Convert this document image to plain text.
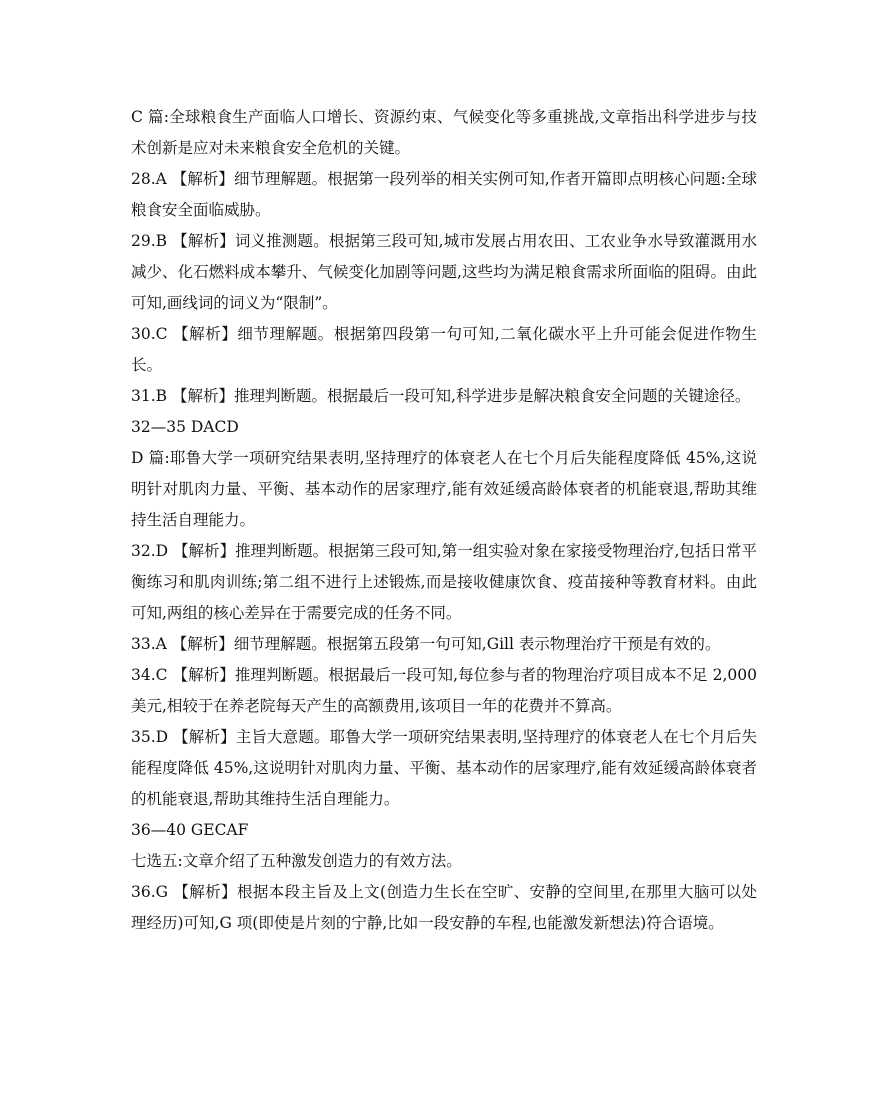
C 篇:全球粮食生产面临人口增长、资源约束、气候变化等多重挑战,文章指出科学进步与技术创新是应对未来粮食安全危机的关键。

28.A 【解析】细节理解题。根据第一段列举的相关实例可知,作者开篇即点明核心问题:全球粮食安全面临威胁。

29.B 【解析】词义推测题。根据第三段可知,城市发展占用农田、工农业争水导致灌溉用水减少、化石燃料成本攀升、气候变化加剧等问题,这些均为满足粮食需求所面临的阻碍。由此可知,画线词的词义为“限制”。

30.C 【解析】细节理解题。根据第四段第一句可知,二氧化碳水平上升可能会促进作物生长。

31.B 【解析】推理判断题。根据最后一段可知,科学进步是解决粮食安全问题的关键途径。

32—35 DACD

D 篇:耶鲁大学一项研究结果表明,坚持理疗的体衰老人在七个月后失能程度降低 45%,这说明针对肌肉力量、平衡、基本动作的居家理疗,能有效延缓高龄体衰者的机能衰退,帮助其维持生活自理能力。

32.D 【解析】推理判断题。根据第三段可知,第一组实验对象在家接受物理治疗,包括日常平衡练习和肌肉训练;第二组不进行上述锻炼,而是接收健康饮食、疫苗接种等教育材料。由此可知,两组的核心差异在于需要完成的任务不同。

33.A 【解析】细节理解题。根据第五段第一句可知,Gill 表示物理治疗干预是有效的。

34.C 【解析】推理判断题。根据最后一段可知,每位参与者的物理治疗项目成本不足 2,000 美元,相较于在养老院每天产生的高额费用,该项目一年的花费并不算高。

35.D 【解析】主旨大意题。耶鲁大学一项研究结果表明,坚持理疗的体衰老人在七个月后失能程度降低 45%,这说明针对肌肉力量、平衡、基本动作的居家理疗,能有效延缓高龄体衰者的机能衰退,帮助其维持生活自理能力。

36—40 GECAF

七选五:文章介绍了五种激发创造力的有效方法。

36.G 【解析】根据本段主旨及上文(创造力生长在空旷、安静的空间里,在那里大脑可以处理经历)可知,G 项(即使是片刻的宁静,比如一段安静的车程,也能激发新想法)符合语境。
